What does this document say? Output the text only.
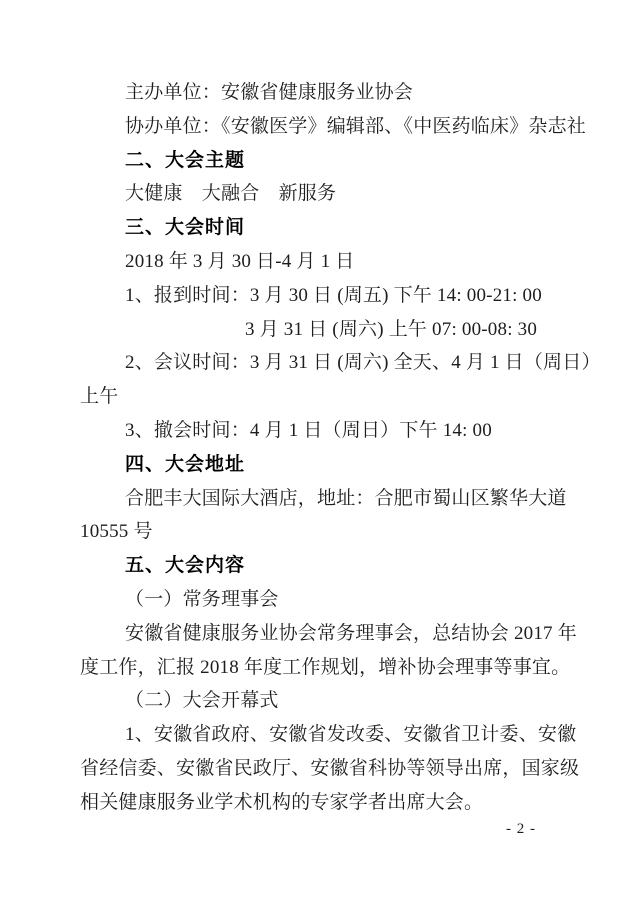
主办单位：安徽省健康服务业协会
协办单位：《安徽医学》编辑部、《中医药临床》杂志社
二、大会主题
大健康　大融合　新服务
三、大会时间
2018 年 3 月 30 日-4 月 1 日
1、报到时间：3 月 30 日 (周五) 下午 14: 00-21: 00
3 月 31 日 (周六) 上午 07: 00-08: 30
2、会议时间：3 月 31 日 (周六) 全天、4 月 1 日（周日）
上午
3、撤会时间：4 月 1 日（周日）下午 14: 00
四、大会地址
合肥丰大国际大酒店，地址：合肥市蜀山区繁华大道
10555 号
五、大会内容
（一）常务理事会
安徽省健康服务业协会常务理事会，总结协会 2017 年
度工作，汇报 2018 年度工作规划，增补协会理事等事宜。
（二）大会开幕式
1、安徽省政府、安徽省发改委、安徽省卫计委、安徽
省经信委、安徽省民政厅、安徽省科协等领导出席，国家级
相关健康服务业学术机构的专家学者出席大会。
- 2 -
